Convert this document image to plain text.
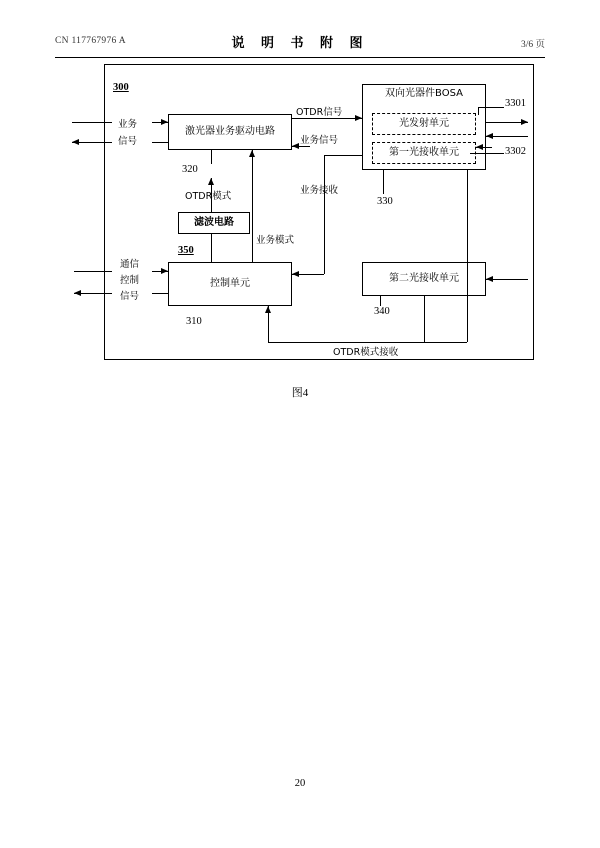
CN 117767976 A	说 明 书 附 图	3/6 页
300
激光器业务驱动电路
320
滤波电路
350
控制单元
310
双向光器件BOSA
光发射单元
第一光接收单元
330
3301
3302
第二光接收单元
340
业务
信号
通信
控制
信号
OTDR模式
业务模式
OTDR信号
业务信号
业务接收
OTDR模式接收
图4
20
